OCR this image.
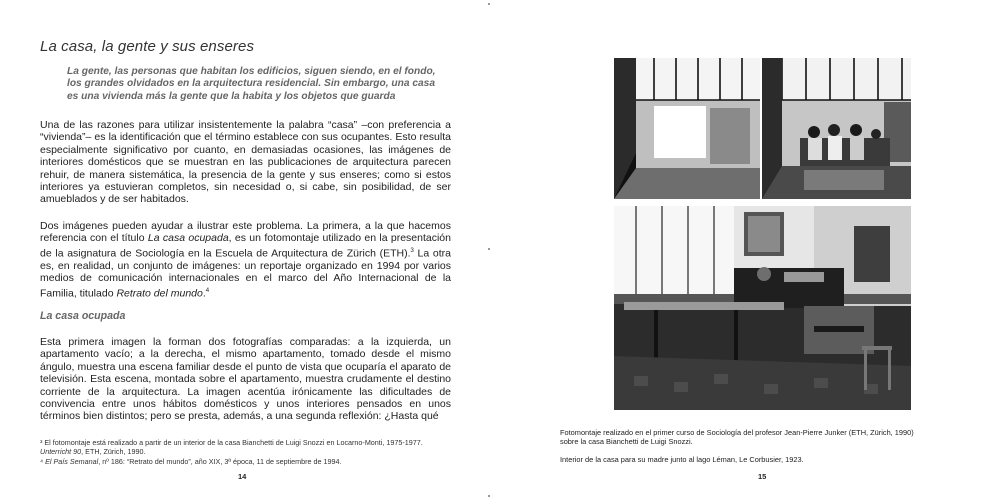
La casa, la gente y sus enseres
La gente, las personas que habitan los edificios, siguen siendo, en el fondo, los grandes olvidados en la arquitectura residencial. Sin embargo, una casa es una vivienda más la gente que la habita y los objetos que guarda
Una de las razones para utilizar insistentemente la palabra “casa” –con preferencia a “vivienda”– es la identificación que el término establece con sus ocupantes. Esto resulta especialmente significativo por cuanto, en demasiadas ocasiones, las imágenes de interiores domésticos que se muestran en las publicaciones de arquitectura parecen rehuir, de manera sistemática, la presencia de la gente y sus enseres; como si estos interiores ya estuvieran completos, sin necesidad o, si cabe, sin posibilidad, de ser amueblados y de ser habitados.
Dos imágenes pueden ayudar a ilustrar este problema. La primera, a la que hacemos referencia con el título La casa ocupada, es un fotomontaje utilizado en la presentación de la asignatura de Sociología en la Escuela de Arquitectura de Zürich (ETH).$^3$ La otra es, en realidad, un conjunto de imágenes: un reportaje organizado en 1994 por varios medios de comunicación internacionales en el marco del Año Internacional de la Familia, titulado Retrato del mundo.$^4$
La casa ocupada
Esta primera imagen la forman dos fotografías comparadas: a la izquierda, un apartamento vacío; a la derecha, el mismo apartamento, tomado desde el mismo ángulo, muestra una escena familiar desde el punto de vista que ocuparía el aparato de televisión. Esta escena, montada sobre el apartamento, muestra crudamente el destino corriente de la arquitectura. La imagen acentúa irónicamente las dificultades de convivencia entre unos hábitos domésticos y unos interiores pensados en unos términos bien distintos; pero se presta, además, a una segunda reflexión: ¿Hasta qué
³ El fotomontaje está realizado a partir de un interior de la casa Bianchetti de Luigi Snozzi en Locarno-Monti, 1975-1977.
Unterricht 90, ETH, Zürich, 1990.
⁴ El País Semanal, nº 186: “Retrato del mundo”, año XIX, 3ª época, 11 de septiembre de 1994.
14
Fotomontaje realizado en el primer curso de Sociología del profesor Jean-Pierre Junker (ETH, Zürich, 1990)
sobre la casa Bianchetti de Luigi Snozzi.
Interior de la casa para su madre junto al lago Léman, Le Corbusier, 1923.
15
